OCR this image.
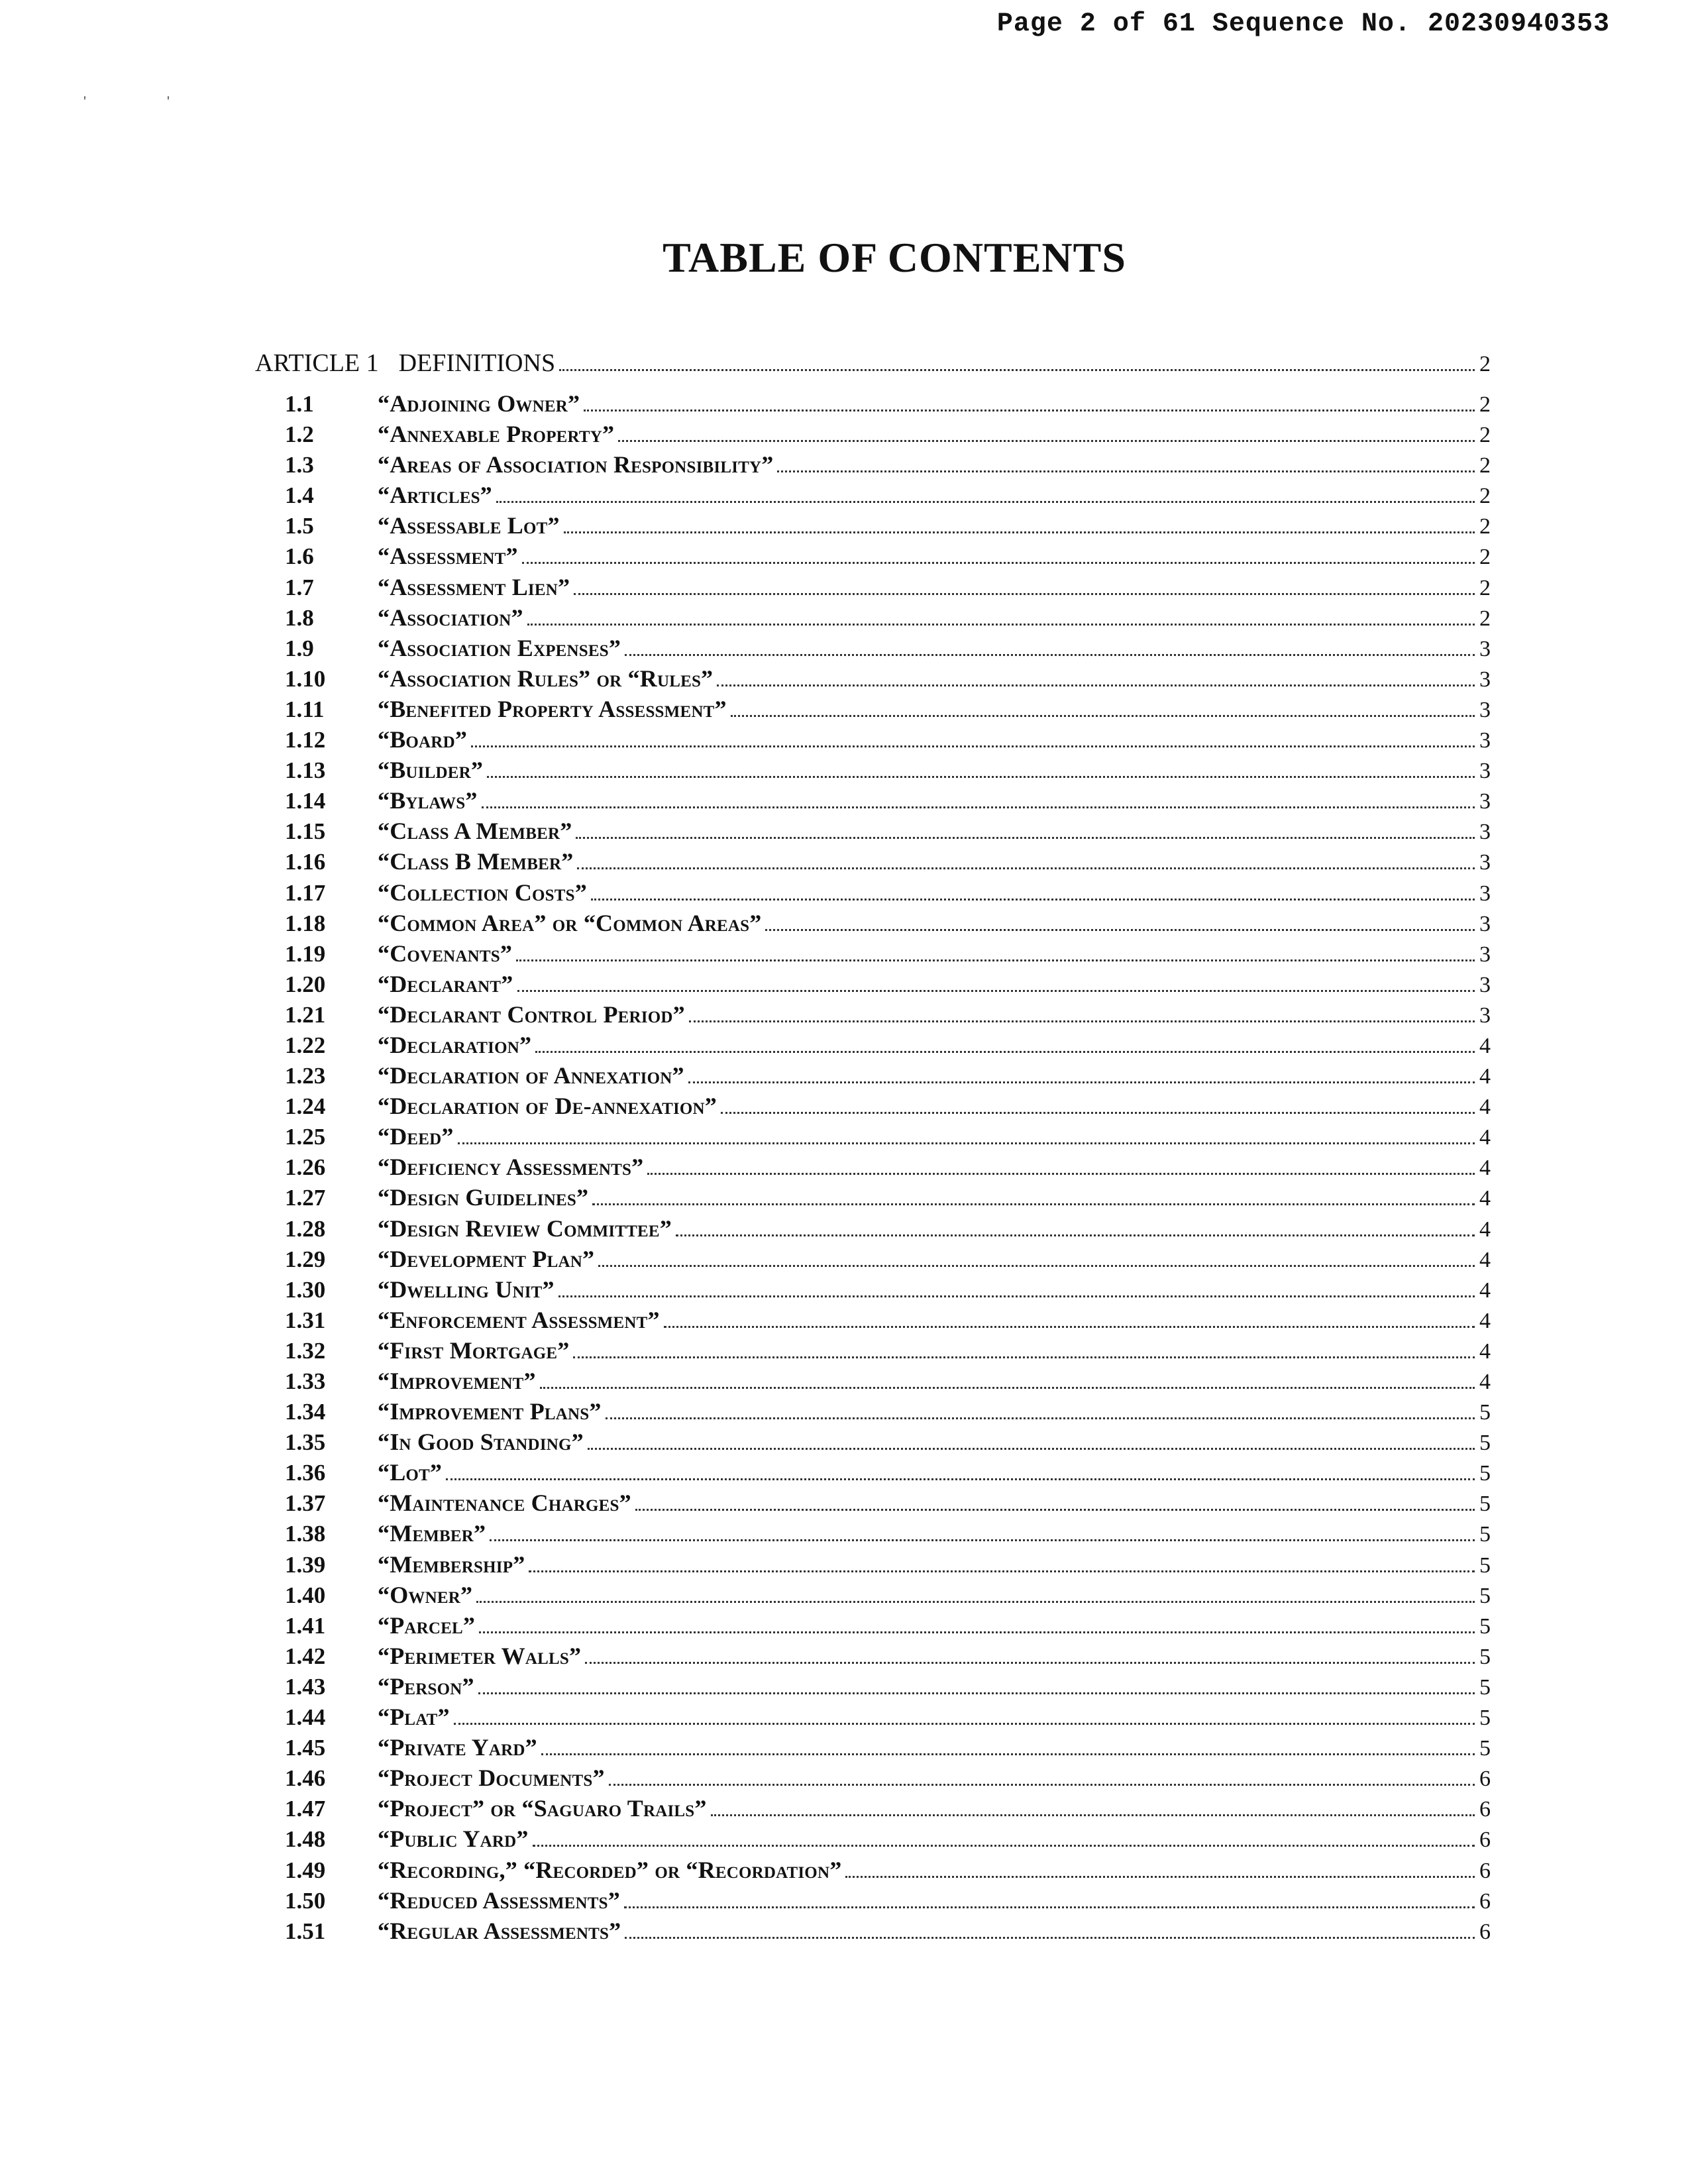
Page 2 of 61 Sequence No. 20230940353
'	'
TABLE OF CONTENTS
ARTICLE 1 DEFINITIONS	2
1.1	“Adjoining Owner”	2
1.2	“Annexable Property”	2
1.3	“Areas of Association Responsibility”	2
1.4	“Articles”	2
1.5	“Assessable Lot”	2
1.6	“Assessment”	2
1.7	“Assessment Lien”	2
1.8	“Association”	2
1.9	“Association Expenses”	3
1.10	“Association Rules” or “Rules”	3
1.11	“Benefited Property Assessment”	3
1.12	“Board”	3
1.13	“Builder”	3
1.14	“Bylaws”	3
1.15	“Class A Member”	3
1.16	“Class B Member”	3
1.17	“Collection Costs”	3
1.18	“Common Area” or “Common Areas”	3
1.19	“Covenants”	3
1.20	“Declarant”	3
1.21	“Declarant Control Period”	3
1.22	“Declaration”	4
1.23	“Declaration of Annexation”	4
1.24	“Declaration of De-annexation”	4
1.25	“Deed”	4
1.26	“Deficiency Assessments”	4
1.27	“Design Guidelines”	4
1.28	“Design Review Committee”	4
1.29	“Development Plan”	4
1.30	“Dwelling Unit”	4
1.31	“Enforcement Assessment”	4
1.32	“First Mortgage”	4
1.33	“Improvement”	4
1.34	“Improvement Plans”	5
1.35	“In Good Standing”	5
1.36	“Lot”	5
1.37	“Maintenance Charges”	5
1.38	“Member”	5
1.39	“Membership”	5
1.40	“Owner”	5
1.41	“Parcel”	5
1.42	“Perimeter Walls”	5
1.43	“Person”	5
1.44	“Plat”	5
1.45	“Private Yard”	5
1.46	“Project Documents”	6
1.47	“Project” or “Saguaro Trails”	6
1.48	“Public Yard”	6
1.49	“Recording,” “Recorded” or “Recordation”	6
1.50	“Reduced Assessments”	6
1.51	“Regular Assessments”	6
